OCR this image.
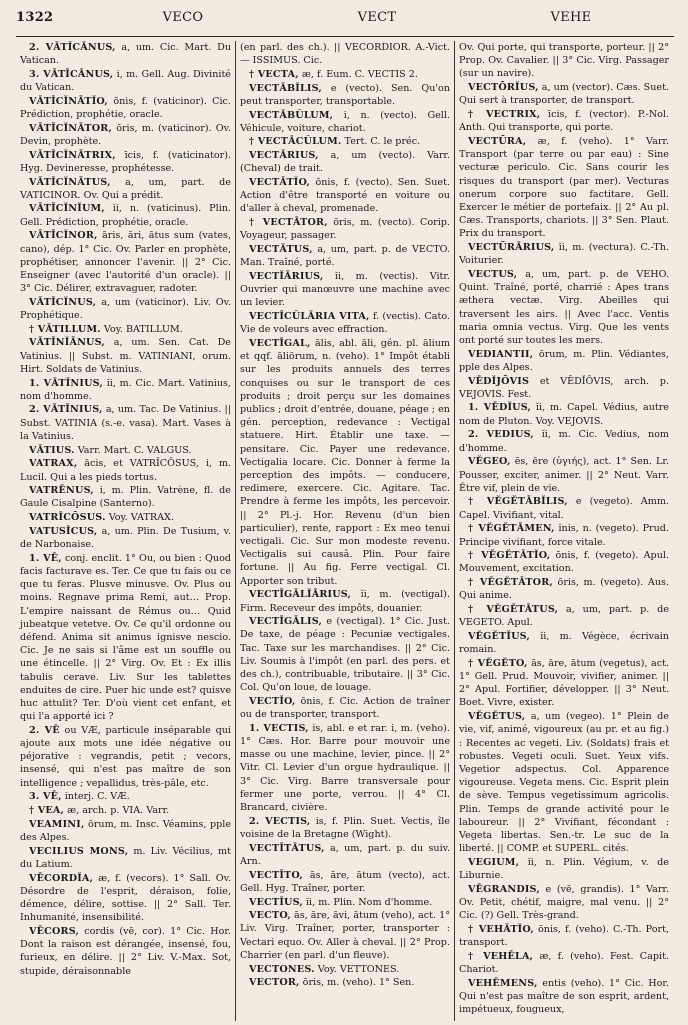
1322	VECO	VECT	VEHE

2. VĀTĪCĀNUS, a, um. Cic. Mart. Du Vatican.

3. VĀTĪCĀNUS, i, m. Gell. Aug. Divinité du Vatican.

VĀTĪCĬNĀTĬO, ōnis, f. (vaticinor). Cic. Prédiction, prophétie, oracle.

VĀTĪCĬNĀTOR, ōris, m. (vaticinor). Ov. Devin, prophète.

VĀTĪCĬNĀTRIX, īcis, f. (vaticinator). Hyg. Devineresse, prophétesse.

VĀTĪCĬNĀTUS, a, um, part. de VATICINOR. Ov. Qui a prédit.

VĀTĪCĬNĬUM, ĭi, n. (vaticinus). Plin. Gell. Prédiction, prophétie, oracle.

VĀTĪCĬNOR, āris, āri, ātus sum (vates, cano), dép. 1° Cic. Ov. Parler en prophète, prophétiser, annoncer l'avenir. || 2° Cic. Enseigner (avec l'autorité d'un oracle). || 3° Cic. Délirer, extravaguer, radoter.

VĀTĪCĬNUS, a, um (vaticinor). Liv. Ov. Prophétique.

† VĀTILLUM. Voy. BATILLUM.

VĀTĪNĬĀNUS, a, um. Sen. Cat. De Vatinius. || Subst. m. VATINIANI, orum. Hirt. Soldats de Vatinius.

1. VĀTĪNIUS, ĭi, m. Cic. Mart. Vatinius, nom d'homme.

2. VĀTĪNIUS, a, um. Tac. De Vatinius. || Subst. VATINIA (s.-e. vasa). Mart. Vases à la Vatinius.

VĀTIUS. Varr. Mart. C. VALGUS.

VATRAX, ācis, et VATRĪCŌSUS, i, m. Lucil. Qui a les pieds tortus.

VATRĒNUS, i, m. Plin. Vatrène, fl. de Gaule Cisalpine (Santerno).

VATRĪCŌSUS. Voy. VATRAX.

VATUSĪCUS, a, um. Plin. De Tusium, v. de Narbonaise.

1. VĒ, conj. enclit. 1° Ou, ou bien : Quod facis facturave es. Ter. Ce que tu fais ou ce que tu feras. Plusve minusve. Ov. Plus ou moins. Regnave prima Remi, aut… Prop. L'empire naissant de Rémus ou… Quid jubeatque vetetve. Ov. Ce qu'il ordonne ou défend. Anima sit animus ignisve nescio. Cic. Je ne sais si l'âme est un souffle ou une étincelle. || 2° Virg. Ov. Et : Ex illis tabulis cerave. Liv. Sur les tablettes enduites de cire. Puer hic unde est? quisve huc attulit? Ter. D'où vient cet enfant, et qui l'a apporté ici ?

2. VĒ ou VÆ, particule inséparable qui ajoute aux mots une idée négative ou péjorative : vegrandis, petit ; vecors, insensé, qui n'est pas maître de son intelligence ; vepallidus, très-pâle, etc.

3. VĒ, interj. C. VÆ.

† VEA, æ, arch. p. VIA. Varr.

VEAMINI, ōrum, m. Insc. Véamins, pple des Alpes.

VECILIUS MONS, m. Liv. Vécilius, mt du Latium.

VĒCORDĬA, æ, f. (vecors). 1° Sall. Ov. Désordre de l'esprit, déraison, folie, démence, délire, sottise. || 2° Sall. Ter. Inhumanité, insensibilité.

VĒCORS, cordis (vē, cor). 1° Cic. Hor. Dont la raison est dérangée, insensé, fou, furieux, en délire. || 2° Liv. V.-Max. Sot, stupide, déraisonnable

(en parl. des ch.). || VECORDIOR. A.-Vict. — ISSIMUS. Cic.

† VECTA, æ, f. Eum. C. VECTIS 2.

VECTĀBĬLIS, e (vecto). Sen. Qu'on peut transporter, transportable.

VECTĀBŬLUM, i, n. (vecto). Gell. Véhicule, voiture, chariot.

† VECTĀCŬLUM. Tert. C. le préc.

VECTĀRIUS, a, um (vecto). Varr. (Cheval) de trait.

VECTĀTĬO, ōnis, f. (vecto). Sen. Suet. Action d'être transporté en voiture ou d'aller à cheval, promenade.

† VECTĀTOR, ōris, m. (vecto). Corip. Voyageur, passager.

VECTĀTUS, a, um, part. p. de VECTO. Man. Traîné, porté.

VECTĬĀRIUS, ĭi, m. (vectis). Vitr. Ouvrier qui manœuvre une machine avec un levier.

VECTĪCŬLĀRIA VITA, f. (vectis). Cato. Vie de voleurs avec effraction.

VECTĪGAL, ālis, abl. āli, gén. pl. ālium et qqf. āliōrum, n. (veho). 1° Impôt établi sur les produits annuels des terres conquises ou sur le transport de ces produits ; droit perçu sur les domaines publics ; droit d'entrée, douane, péage ; en gén. perception, redevance : Vectigal statuere. Hirt. Établir une taxe. — pensitare. Cic. Payer une redevance. Vectigalia locare. Cic. Donner à ferme la perception des impôts. — conducere, redimere, exercere. Cic. Agitare. Tac. Prendre à ferme les impôts, les percevoir. || 2° Pl.-j. Hor. Revenu (d'un bien particulier), rente, rapport : Ex meo tenui vectigali. Cic. Sur mon modeste revenu. Vectigalis sui causâ. Plin. Pour faire fortune. || Au fig. Ferre vectigal. Cl. Apporter son tribut.

VECTĪGĀLĬĀRIUS, ĭi, m. (vectigal). Firm. Receveur des impôts, douanier.

VECTĪGĀLIS, e (vectigal). 1° Cic. Just. De taxe, de péage : Pecuniæ vectigales. Tac. Taxe sur les marchandises. || 2° Cic. Liv. Soumis à l'impôt (en parl. des pers. et des ch.), contribuable, tributaire. || 3° Cic. Col. Qu'on loue, de louage.

VECTĬO, ōnis, f. Cic. Action de traîner ou de transporter, transport.

1. VECTIS, is, abl. e et rar. i, m. (veho). 1° Cæs. Hor. Barre pour mouvoir une masse ou une machine, levier, pince. || 2° Vitr. Cl. Levier d'un orgue hydraulique. || 3° Cic. Virg. Barre transversale pour fermer une porte, verrou. || 4° Cl. Brancard, civière.

2. VECTIS, is, f. Plin. Suet. Vectis, île voisine de la Bretagne (Wight).

VECTĪTĀTUS, a, um, part. p. du suiv. Arn.

VECTĪTO, ās, āre, ātum (vecto), act. Gell. Hyg. Traîner, porter.

VECTĬUS, ĭi, m. Plin. Nom d'homme.

VECTO, ās, āre, āvi, ātum (veho), act. 1° Liv. Virg. Traîner, porter, transporter : Vectari equo. Ov. Aller à cheval. || 2° Prop. Charrier (en parl. d'un fleuve).

VECTONES. Voy. VETTONES.

VECTOR, ōris, m. (veho). 1° Sen.

Ov. Qui porte, qui transporte, porteur. || 2° Prop. Ov. Cavalier. || 3° Cic. Virg. Passager (sur un navire).

VECTŌRĬUS, a, um (vector). Cæs. Suet. Qui sert à transporter, de transport.

† VECTRIX, īcis, f. (vector). P.-Nol. Anth. Qui transporte, qui porte.

VECTŪRA, æ, f. (veho). 1° Varr. Transport (par terre ou par eau) : Sine vecturæ periculo. Cic. Sans courir les risques du transport (par mer). Vecturas onerum corpore suo factitare. Gell. Exercer le métier de portefaix. || 2° Au pl. Cæs. Transports, chariots. || 3° Sen. Plaut. Prix du transport.

VECTŪRĀRIUS, ĭi, m. (vectura). C.-Th. Voiturier.

VECTUS, a, um, part. p. de VEHO. Quint. Traîné, porté, charrié : Apes trans æthera vectæ. Virg. Abeilles qui traversent les airs. || Avec l'acc. Ventis maria omnia vectus. Virg. Que les vents ont porté sur toutes les mers.

VEDIANTII, ōrum, m. Plin. Védiantes, pple des Alpes.

VĒDĬJŌVIS et VĒDĬŌVIS, arch. p. VEJOVIS. Fest.

1. VĒDĬUS, ĭi, m. Capel. Védius, autre nom de Pluton. Voy. VEJOVIS.

2. VEDIUS, ĭi, m. Cic. Vedius, nom d'homme.

VĔGEO, ēs, ēre (ὑγιής), act. 1° Sen. Lr. Pousser, exciter, animer. || 2° Neut. Varr. Être vif, plein de vie.

† VĔGĔTĀBĬLIS, e (vegeto). Amm. Capel. Vivifiant, vital.

† VĔGĔTĀMEN, ĭnis, n. (vegeto). Prud. Principe vivifiant, force vitale.

† VĔGĔTĀTĬO, ōnis, f. (vegeto). Apul. Mouvement, excitation.

† VĔGĔTĀTOR, ōris, m. (vegeto). Aus. Qui anime.

† VĔGĔTĀTUS, a, um, part. p. de VEGETO. Apul.

VĔGĔTĬUS, ĭi, m. Végèce, écrivain romain.

† VĔGĔTO, ās, āre, ātum (vegetus), act. 1° Gell. Prud. Mouvoir, vivifier, animer. || 2° Apul. Fortifier, développer. || 3° Neut. Boet. Vivre, exister.

VĔGĔTUS, a, um (vegeo). 1° Plein de vie, vif, animé, vigoureux (au pr. et au fig.) : Recentes ac vegeti. Liv. (Soldats) frais et robustes. Vegeti oculi. Suet. Yeux vifs. Vegetior adspectus. Col. Apparence vigoureuse. Vegeta mens. Cic. Esprit plein de sève. Tempus vegetissimum agricolis. Plin. Temps de grande activité pour le laboureur. || 2° Vivifiant, fécondant : Vegeta libertas. Sen.-tr. Le suc de la liberté. || COMP. et SUPERL. cités.

VEGIUM, ĭi, n. Plin. Végium, v. de Liburnie.

VĒGRANDIS, e (vē, grandis). 1° Varr. Ov. Petit, chétif, maigre, mal venu. || 2° Cic. (?) Gell. Très-grand.

† VEHĀTĬO, ōnis, f. (veho). C.-Th. Port, transport.

† VEHĒLA, æ, f. (veho). Fest. Capit. Chariot.

VEHĒMENS, entis (veho). 1° Cic. Hor. Qui n'est pas maître de son esprit, ardent, impétueux, fougueux,
